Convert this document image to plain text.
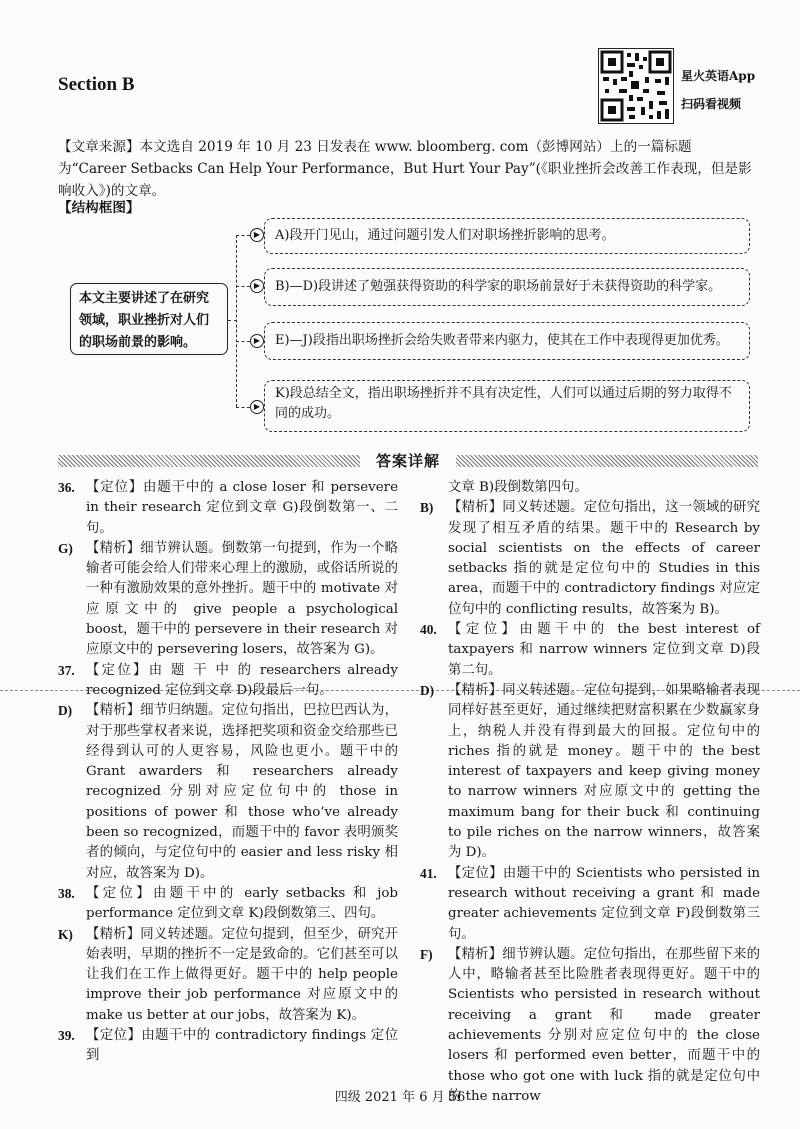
Section B	星火英语App
扫码看视频
【文章来源】本文选自 2019 年 10 月 23 日发表在 www. bloomberg. com（彭博网站）上的一篇标题为“Career Setbacks Can Help Your Performance，But Hurt Your Pay”(《职业挫折会改善工作表现，但是影响收入》)的文章。
【结构框图】
本文主要讲述了在研究领域，职业挫折对人们的职场前景的影响。
▶	A)段开门见山，通过问题引发人们对职场挫折影响的思考。
▶	B)—D)段讲述了勉强获得资助的科学家的职场前景好于未获得资助的科学家。
▶	E)—J)段指出职场挫折会给失败者带来内驱力，使其在工作中表现得更加优秀。
▶
K)段总结全文，指出职场挫折并不具有决定性，人们可以通过后期的努力取得不同的成功。
答案详解
36. 【定位】由题干中的 a close loser 和 persevere in their research 定位到文章 G)段倒数第一、二句。

G) 【精析】细节辨认题。倒数第一句提到，作为一个略输者可能会给人们带来心理上的激励，或俗话所说的一种有激励效果的意外挫折。题干中的 motivate 对应原文中的 give people a psychological boost，题干中的 persevere in their research 对应原文中的 persevering losers，故答案为 G)。

37. 【定位】由 题 干 中 的 researchers already recognized 定位到文章 D)段最后一句。

D)	【精析】细节归纳题。定位句指出，巴拉巴西认为，对于那些掌权者来说，选择把奖项和资金交给那些已经得到认可的人更容易，风险也更小。题干中的 Grant awarders 和 researchers already recognized 分别对应定位句中的 those in positions of power 和 those who’ve already been so recognized，而题干中的 favor 表明颁奖者的倾向，与定位句中的 easier and less risky 相对应，故答案为 D)。

38. 【定位】由题干中的 early setbacks 和 job performance 定位到文章 K)段倒数第三、四句。

K) 【精析】同义转述题。定位句提到，但至少，研究开始表明，早期的挫折不一定是致命的。它们甚至可以让我们在工作上做得更好。题干中的 help people improve their job performance 对应原文中的 make us better at our jobs，故答案为 K)。

39. 【定位】由题干中的 contradictory findings 定位到

文章 B)段倒数第四句。

B)	【精析】同义转述题。定位句指出，这一领域的研究发现了相互矛盾的结果。题干中的 Research by social scientists on the effects of career setbacks 指的就是定位句中的 Studies in this area，而题干中的 contradictory findings 对应定位句中的 conflicting results，故答案为 B)。

40. 【定位】由题干中的 the best interest of taxpayers 和 narrow winners 定位到文章 D)段第二句。

D)	【精析】同义转述题。定位句提到，如果略输者表现同样好甚至更好，通过继续把财富积累在少数赢家身上，纳税人并没有得到最大的回报。定位句中的 riches 指的就是 money。题干中的 the best interest of taxpayers and keep giving money to narrow winners 对应原文中的 getting the maximum bang for their buck 和 continuing to pile riches on the narrow winners，故答案为 D)。

41. 【定位】由题干中的 Scientists who persisted in research without receiving a grant 和 made greater achievements 定位到文章 F)段倒数第三句。

F)	【精析】细节辨认题。定位句指出，在那些留下来的人中，略输者甚至比险胜者表现得更好。题干中的 Scientists who persisted in research without receiving a grant 和 made greater achievements 分别对应定位句中的 the close losers 和 performed even better，而题干中的 those who got one with luck 指的就是定位句中的 the narrow

四级 2021 年 6 月 56
